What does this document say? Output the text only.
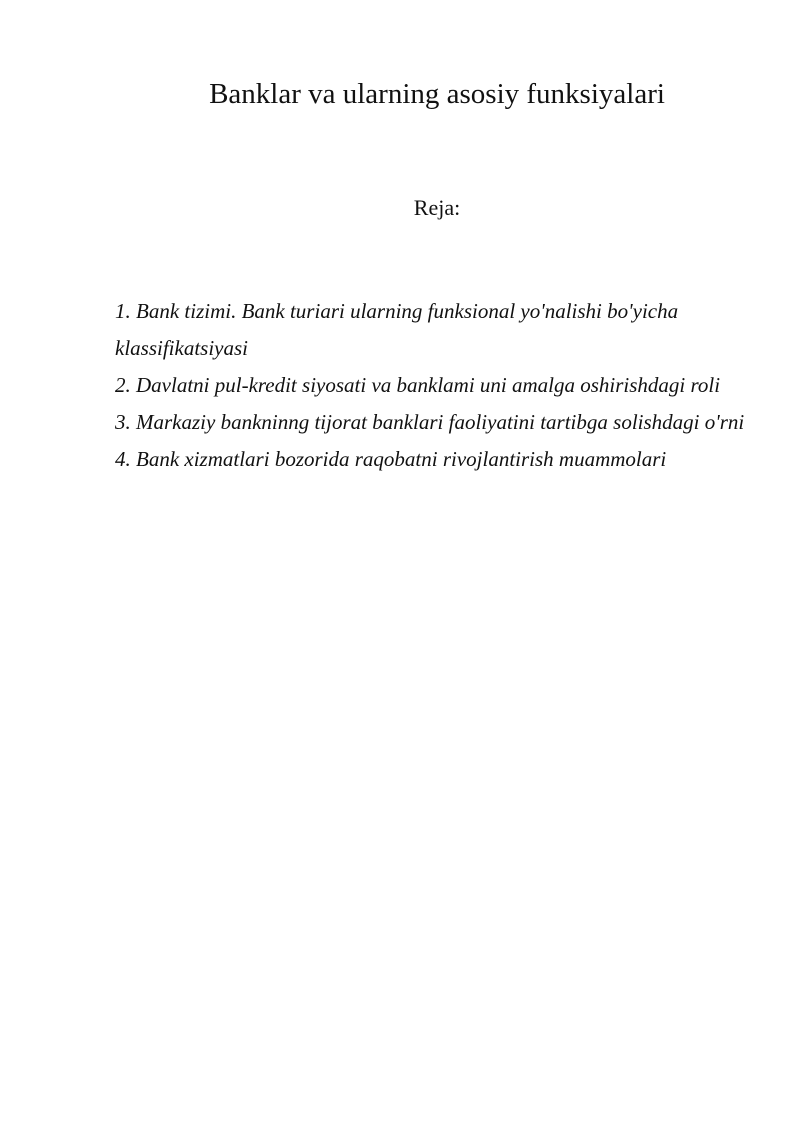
Banklar va ularning asosiy funksiyalari
Reja:
1. Bank tizimi. Bank turiari ularning funksional yo'nalishi bo'yicha klassifikatsiyasi
2. Davlatni pul-kredit siyosati va banklami uni amalga oshirishdagi roli
3. Markaziy bankninng tijorat banklari faoliyatini tartibga solishdagi o'rni
4. Bank xizmatlari bozorida raqobatni rivojlantirish muammolari
